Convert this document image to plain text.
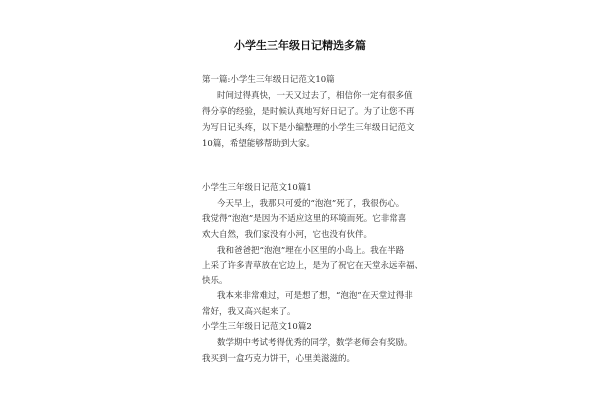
小学生三年级日记精选多篇
第一篇:小学生三年级日记范文10篇
时间过得真快，一天又过去了，相信你一定有很多值
得分享的经验，是时候认真地写好日记了。为了让您不再
为写日记头疼，以下是小编整理的小学生三年级日记范文
10篇，希望能够帮助到大家。
小学生三年级日记范文10篇1
今天早上，我那只可爱的“泡泡”死了，我很伤心。
我觉得“泡泡”是因为不适应这里的环境而死。它非常喜
欢大自然，我们家没有小河，它也没有伙伴。
我和爸爸把“泡泡”埋在小区里的小岛上。我在半路
上采了许多青草放在它边上，是为了祝它在天堂永远幸福、
快乐。
我本来非常难过，可是想了想，“泡泡”在天堂过得非
常好，我又高兴起来了。
小学生三年级日记范文10篇2
数学期中考试考得优秀的同学，数学老师会有奖励。
我买到一盒巧克力饼干，心里美滋滋的。
